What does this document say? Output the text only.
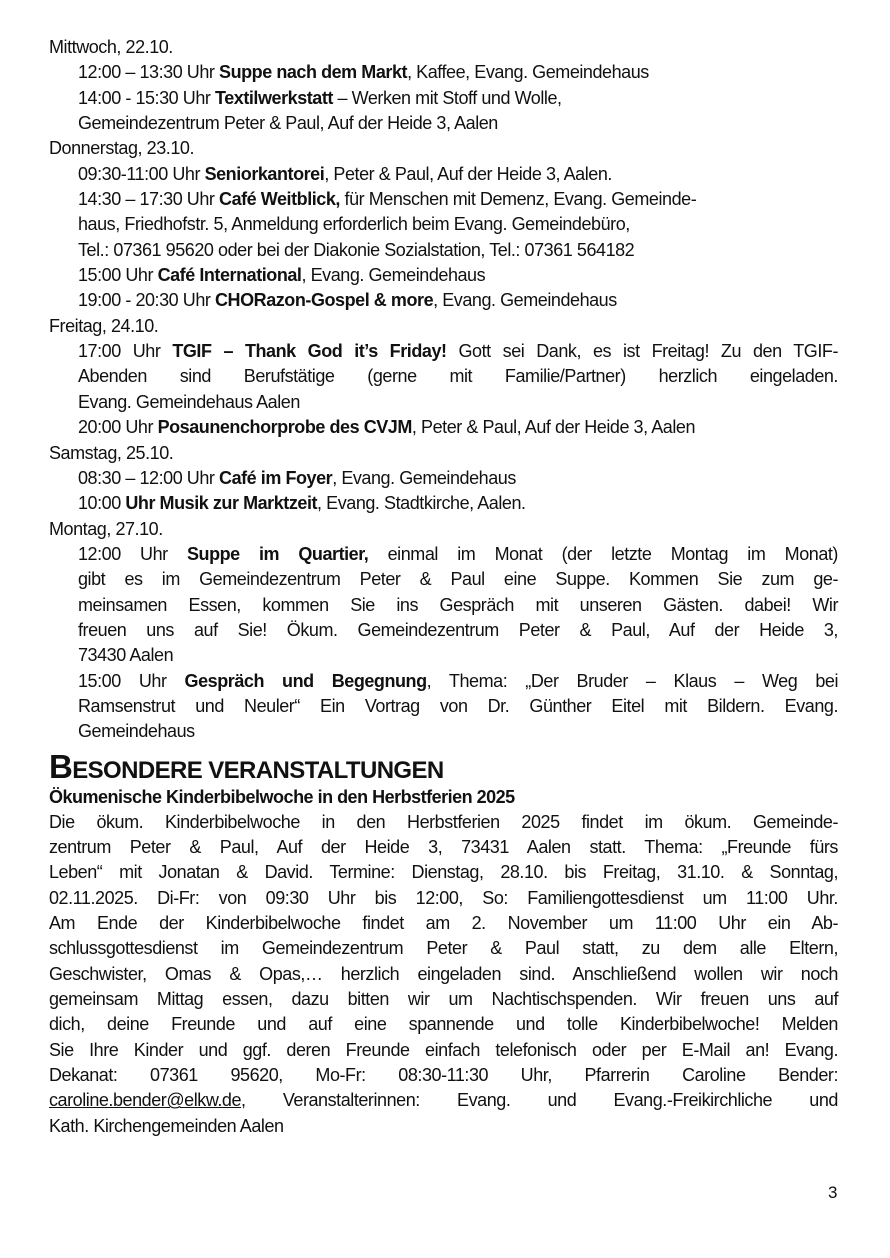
Mittwoch, 22.10.
12:00 – 13:30 Uhr Suppe nach dem Markt, Kaffee, Evang. Gemeindehaus
14:00 - 15:30 Uhr Textilwerkstatt – Werken mit Stoff und Wolle,
Gemeindezentrum Peter & Paul, Auf der Heide 3, Aalen
Donnerstag, 23.10.
09:30-11:00 Uhr Seniorkantorei, Peter & Paul, Auf der Heide 3, Aalen.
14:30 – 17:30 Uhr Café Weitblick, für Menschen mit Demenz, Evang. Gemeinde-
haus, Friedhofstr. 5, Anmeldung erforderlich beim Evang. Gemeindebüro,
Tel.: 07361 95620 oder bei der Diakonie Sozialstation, Tel.: 07361 564182
15:00 Uhr Café International, Evang. Gemeindehaus
19:00 - 20:30 Uhr CHORazon-Gospel & more, Evang. Gemeindehaus
Freitag, 24.10.
17:00 Uhr TGIF – Thank God it’s Friday! Gott sei Dank, es ist Freitag! Zu den TGIF-
Abenden sind Berufstätige (gerne mit Familie/Partner) herzlich eingeladen.
Evang. Gemeindehaus Aalen
20:00 Uhr Posaunenchorprobe des CVJM, Peter & Paul, Auf der Heide 3, Aalen
Samstag, 25.10.
08:30 – 12:00 Uhr Café im Foyer, Evang. Gemeindehaus
10:00 Uhr Musik zur Marktzeit, Evang. Stadtkirche, Aalen.
Montag, 27.10.
12:00 Uhr Suppe im Quartier, einmal im Monat (der letzte Montag im Monat)
gibt es im Gemeindezentrum Peter & Paul eine Suppe. Kommen Sie zum ge-
meinsamen Essen, kommen Sie ins Gespräch mit unseren Gästen. dabei! Wir
freuen uns auf Sie! Ökum. Gemeindezentrum Peter & Paul, Auf der Heide 3,
73430 Aalen
15:00 Uhr Gespräch und Begegnung, Thema: „Der Bruder – Klaus – Weg bei
Ramsenstrut und Neuler“ Ein Vortrag von Dr. Günther Eitel mit Bildern. Evang.
Gemeindehaus
BESONDERE VERANSTALTUNGEN
Ökumenische Kinderbibelwoche in den Herbstferien 2025
Die ökum. Kinderbibelwoche in den Herbstferien 2025 findet im ökum. Gemeinde-
zentrum Peter & Paul, Auf der Heide 3, 73431 Aalen statt. Thema: „Freunde fürs
Leben“ mit Jonatan & David. Termine: Dienstag, 28.10. bis Freitag, 31.10. & Sonntag,
02.11.2025. Di-Fr: von 09:30 Uhr bis 12:00, So: Familiengottesdienst um 11:00 Uhr.
Am Ende der Kinderbibelwoche findet am 2. November um 11:00 Uhr ein Ab-
schlussgottesdienst im Gemeindezentrum Peter & Paul statt, zu dem alle Eltern,
Geschwister, Omas & Opas,… herzlich eingeladen sind. Anschließend wollen wir noch
gemeinsam Mittag essen, dazu bitten wir um Nachtischspenden. Wir freuen uns auf
dich, deine Freunde und auf eine spannende und tolle Kinderbibelwoche! Melden
Sie Ihre Kinder und ggf. deren Freunde einfach telefonisch oder per E-Mail an! Evang.
Dekanat: 07361 95620, Mo-Fr: 08:30-11:30 Uhr, Pfarrerin Caroline Bender:
caroline.bender@elkw.de, Veranstalterinnen: Evang. und Evang.-Freikirchliche und
Kath. Kirchengemeinden Aalen
3
